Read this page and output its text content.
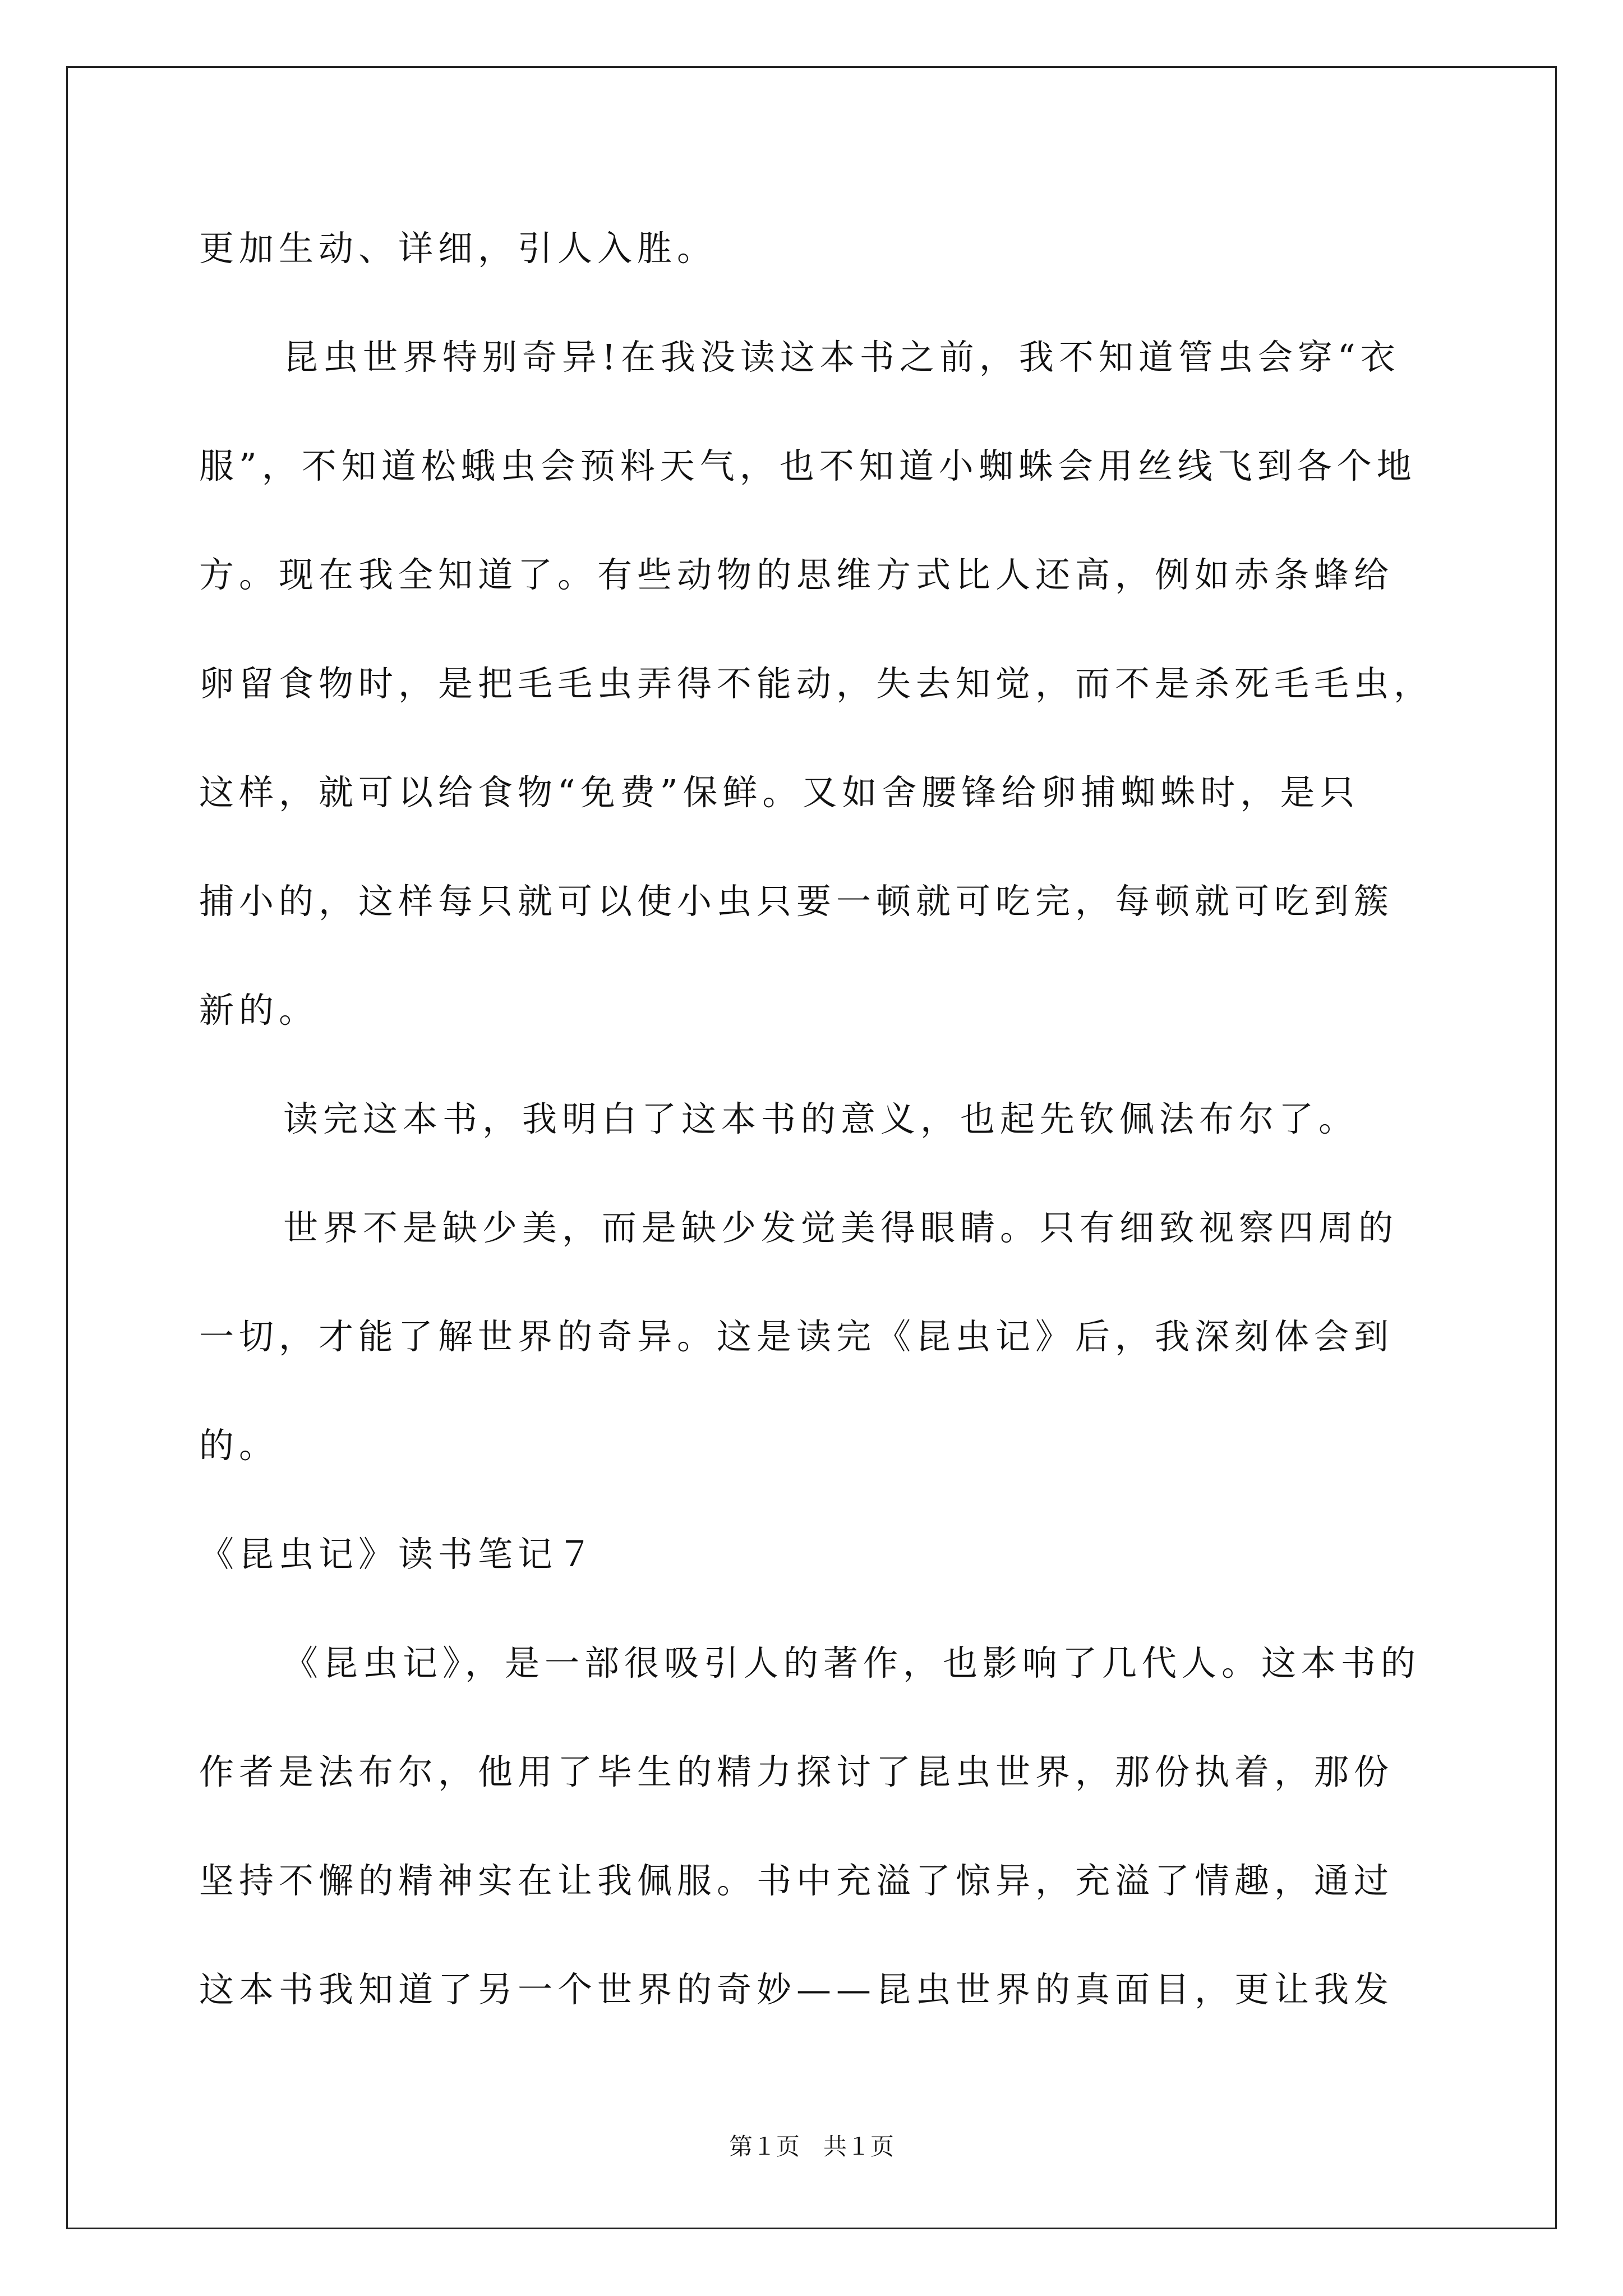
更加生动、详细，引人入胜。
昆虫世界特别奇异!在我没读这本书之前，我不知道管虫会穿“衣
服”，不知道松蛾虫会预料天气，也不知道小蜘蛛会用丝线飞到各个地
方。现在我全知道了。有些动物的思维方式比人还高，例如赤条蜂给
卵留食物时，是把毛毛虫弄得不能动，失去知觉，而不是杀死毛毛虫，
这样，就可以给食物“免费”保鲜。又如舍腰锋给卵捕蜘蛛时，是只
捕小的，这样每只就可以使小虫只要一顿就可吃完，每顿就可吃到簇
新的。
读完这本书，我明白了这本书的意义，也起先钦佩法布尔了。
世界不是缺少美，而是缺少发觉美得眼睛。只有细致视察四周的
一切，才能了解世界的奇异。这是读完《昆虫记》后，我深刻体会到
的。
《昆虫记》读书笔记７
《昆虫记》，是一部很吸引人的著作，也影响了几代人。这本书的
作者是法布尔，他用了毕生的精力探讨了昆虫世界，那份执着，那份
坚持不懈的精神实在让我佩服。书中充溢了惊异，充溢了情趣，通过
这本书我知道了另一个世界的奇妙——昆虫世界的真面目，更让我发
第１页　共１页
